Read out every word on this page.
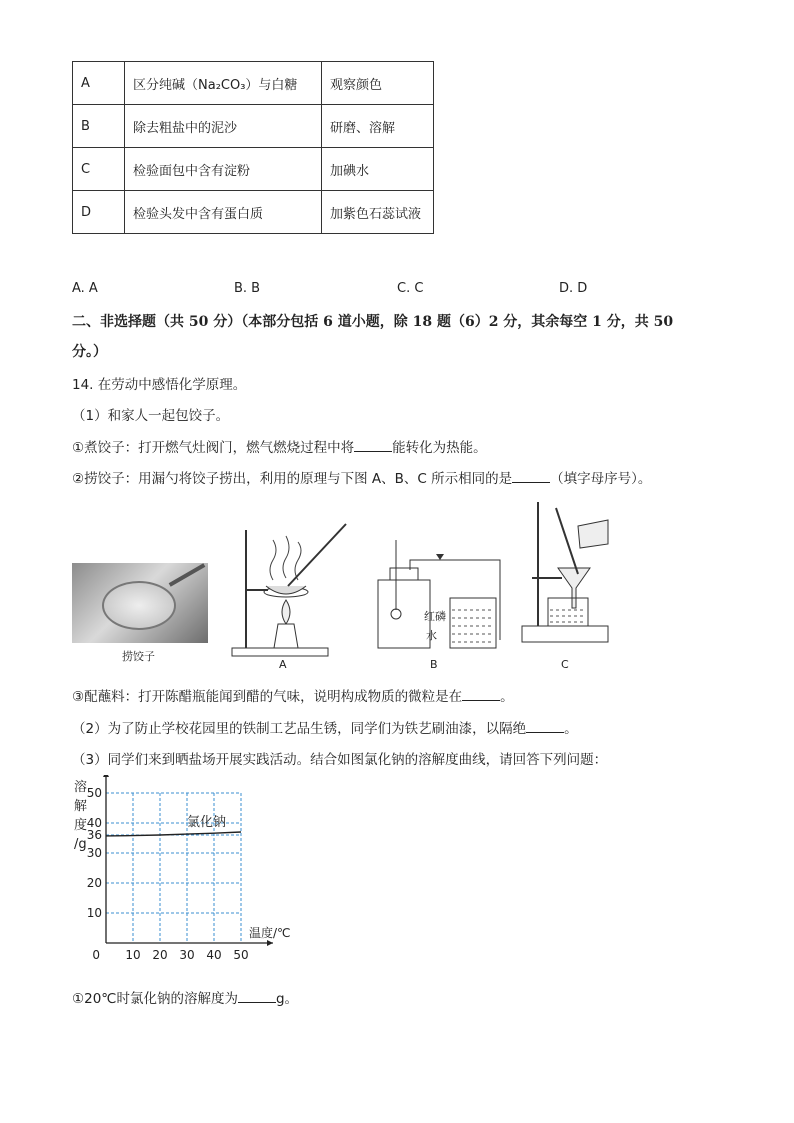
A	区分纯碱（Na₂CO₃）与白糖	观察颜色
B	除去粗盐中的泥沙	研磨、溶解
C	检验面包中含有淀粉	加碘水
D	检验头发中含有蛋白质	加紫色石蕊试液
A. A	B. B	C. C	D. D
二、非选择题（共 50 分）（本部分包括 6 道小题，除 18 题（6）2 分，其余每空 1 分，共 50
分。）
14. 在劳动中感悟化学原理。
（1）和家人一起包饺子。
①煮饺子：打开燃气灶阀门，燃气燃烧过程中将	能转化为热能。
②捞饺子：用漏勺将饺子捞出，利用的原理与下图 A、B、C 所示相同的是	（填字母序号）。
捞饺子
A
红磷
水
B	C
③配蘸料：打开陈醋瓶能闻到醋的气味，说明构成物质的微粒是在	。
（2）为了防止学校花园里的铁制工艺品生锈，同学们为铁艺刷油漆，以隔绝	。
（3）同学们来到晒盐场开展实践活动。结合如图氯化钠的溶解度曲线，请回答下列问题：
0 10 20 30 40 50
10
20
30
36
40
50
溶
解
度
/g
温度/℃
氯化钠
①20℃时氯化钠的溶解度为	g。
